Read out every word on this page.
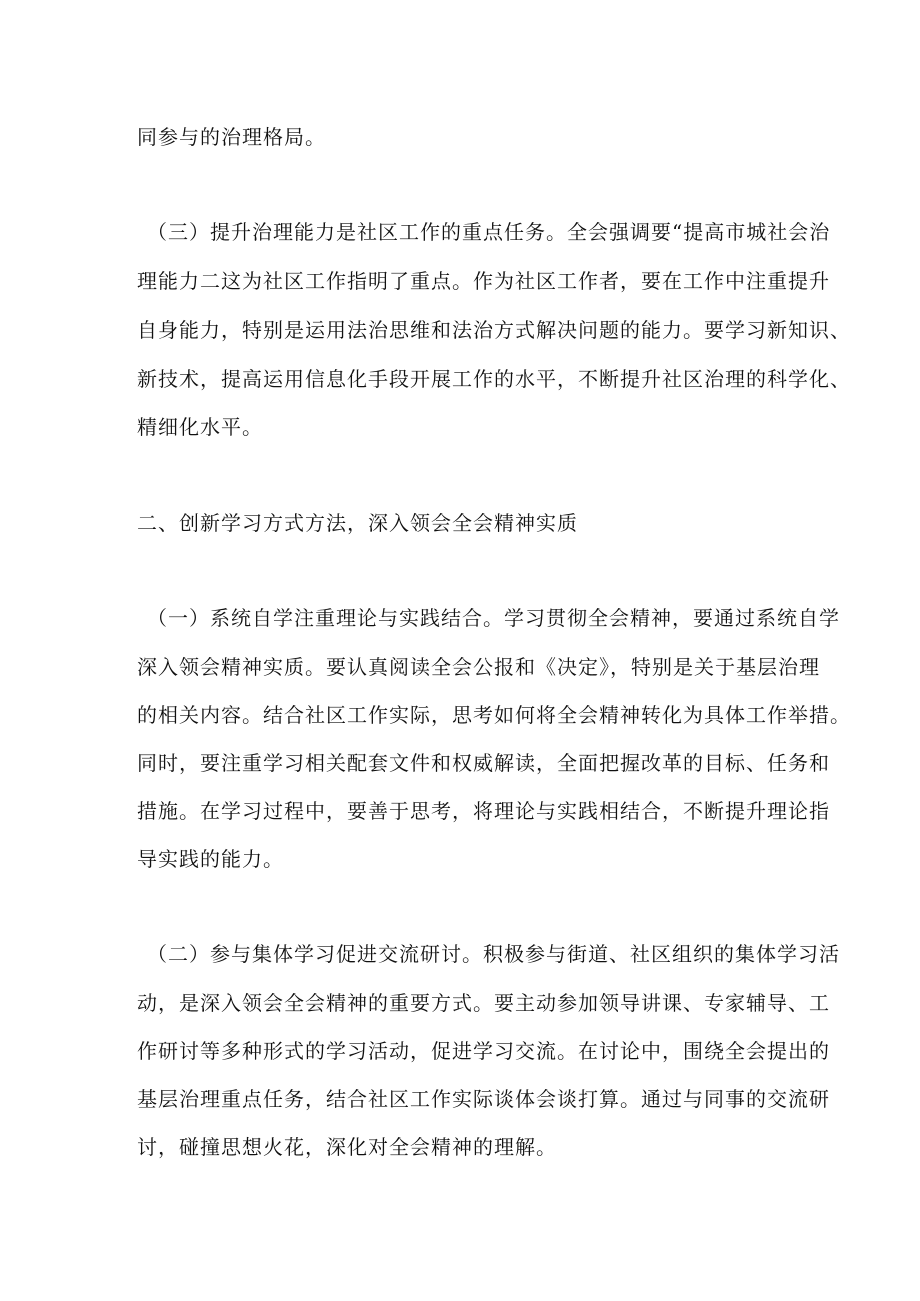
同参与的治理格局。
（三）提升治理能力是社区工作的重点任务。全会强调要“提高市城社会治
理能力二这为社区工作指明了重点。作为社区工作者，要在工作中注重提升
自身能力，特别是运用法治思维和法治方式解决问题的能力。要学习新知识、
新技术，提高运用信息化手段开展工作的水平，不断提升社区治理的科学化、
精细化水平。
二、创新学习方式方法，深入领会全会精神实质
（一）系统自学注重理论与实践结合。学习贯彻全会精神，要通过系统自学
深入领会精神实质。要认真阅读全会公报和《决定》，特别是关于基层治理
的相关内容。结合社区工作实际，思考如何将全会精神转化为具体工作举措。
同时，要注重学习相关配套文件和权威解读，全面把握改革的目标、任务和
措施。在学习过程中，要善于思考，将理论与实践相结合，不断提升理论指
导实践的能力。
（二）参与集体学习促进交流研讨。积极参与街道、社区组织的集体学习活
动，是深入领会全会精神的重要方式。要主动参加领导讲课、专家辅导、工
作研讨等多种形式的学习活动，促进学习交流。在讨论中，围绕全会提出的
基层治理重点任务，结合社区工作实际谈体会谈打算。通过与同事的交流研
讨，碰撞思想火花，深化对全会精神的理解。
